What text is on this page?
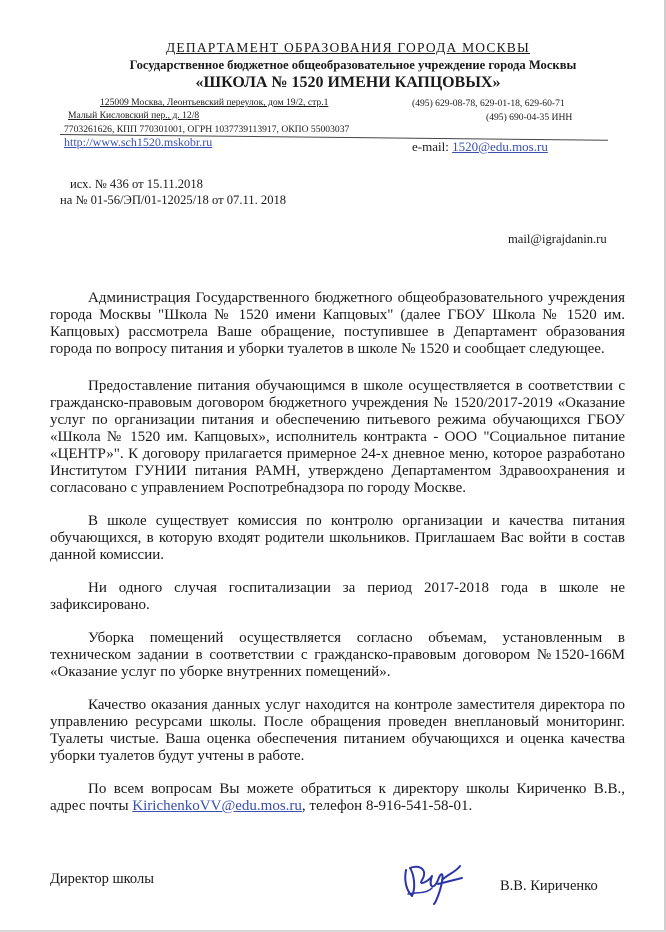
ДЕПАРТАМЕНТ ОБРАЗОВАНИЯ ГОРОДА МОСКВЫ
Государственное бюджетное общеобразовательное учреждение города Москвы
«ШКОЛА № 1520 ИМЕНИ КАПЦОВЫХ»
125009 Москва, Леонтьевский переулок, дом 19/2, стр.1	(495) 629-08-78, 629-01-18, 629-60-71
Малый Кисловский пер., д. 12/8	(495) 690-04-35 ИНН
7703261626, КПП 770301001, ОГРН 1037739113917, ОКПО 55003037
http://www.sch1520.mskobr.ru	e-mail: 1520@edu.mos.ru
исх. № 436 от 15.11.2018
на № 01-56/ЭП/01-12025/18 от 07.11. 2018
mail@igrajdanin.ru

Администрация Государственного бюджетного общеобразовательного учреждения города Москвы "Школа № 1520 имени Капцовых" (далее ГБОУ Школа № 1520 им. Капцовых) рассмотрела Ваше обращение, поступившее в Департамент образования города по вопросу питания и уборки туалетов в школе № 1520 и сообщает следующее.

Предоставление питания обучающимся в школе осуществляется в соответствии с гражданско-правовым договором бюджетного учреждения № 1520/2017-2019 «Оказание услуг по организации питания и обеспечению питьевого режима обучающихся ГБОУ «Школа № 1520 им. Капцовых», исполнитель контракта - ООО "Социальное питание «ЦЕНТР»". К договору прилагается примерное 24-х дневное меню, которое разработано Институтом ГУНИИ питания РАМН, утверждено Департаментом Здравоохранения и согласовано с управлением Роспотребнадзора по городу Москве.

В школе существует комиссия по контролю организации и качества питания обучающихся, в которую входят родители школьников. Приглашаем Вас войти в состав данной комиссии.

Ни одного случая госпитализации за период 2017-2018 года в школе не зафиксировано.

Уборка помещений осуществляется согласно объемам, установленным в техническом задании в соответствии с гражданско-правовым договором №1520-166М «Оказание услуг по уборке внутренних помещений».

Качество оказания данных услуг находится на контроле заместителя директора по управлению ресурсами школы. После обращения проведен внеплановый мониторинг. Туалеты чистые. Ваша оценка обеспечения питанием обучающихся и оценка качества уборки туалетов будут учтены в работе.

По всем вопросам Вы можете обратиться к директору школы Кириченко В.В., адрес почты KirichenkoVV@edu.mos.ru, телефон 8-916-541-58-01.

Директор школы	В.В. Кириченко
